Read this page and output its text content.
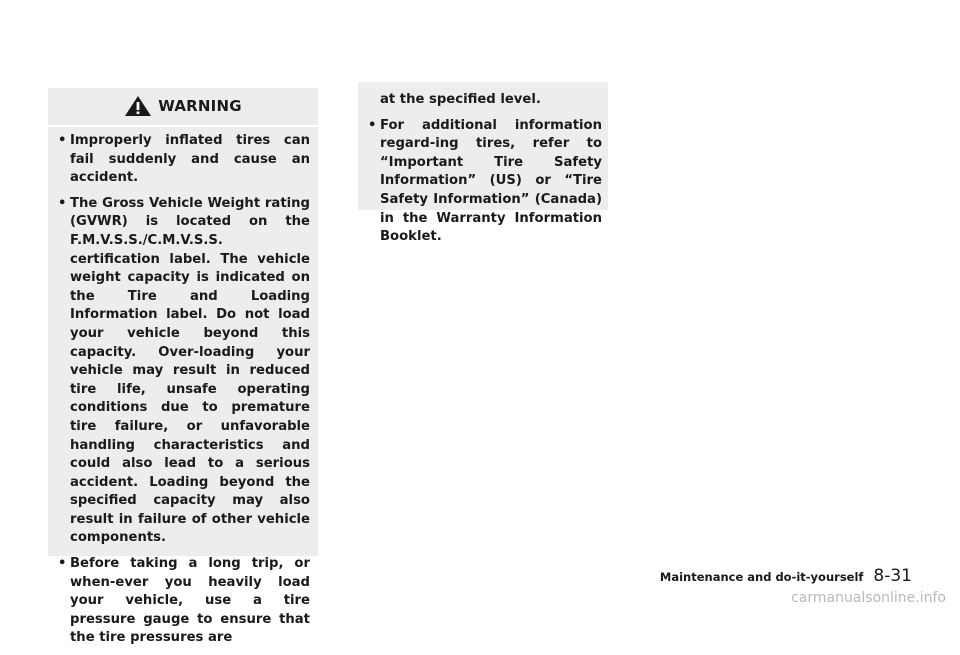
WARNING
• Improperly inflated tires can fail suddenly and cause an accident.
• The Gross Vehicle Weight rating (GVWR) is located on the F.M.V.S.S./C.M.V.S.S. certification label. The vehicle weight capacity is indicated on the Tire and Loading Information label. Do not load your vehicle beyond this capacity. Over-loading your vehicle may result in reduced tire life, unsafe operating conditions due to premature tire failure, or unfavorable handling characteristics and could also lead to a serious accident. Loading beyond the specified capacity may also result in failure of other vehicle components.
• Before taking a long trip, or when-ever you heavily load your vehicle, use a tire pressure gauge to ensure that the tire pressures are
at the specified level.
• For additional information regard-ing tires, refer to “Important Tire Safety Information” (US) or “Tire Safety Information” (Canada) in the Warranty Information Booklet.
Maintenance and do-it-yourself 8-31
carmanualsonline.info
